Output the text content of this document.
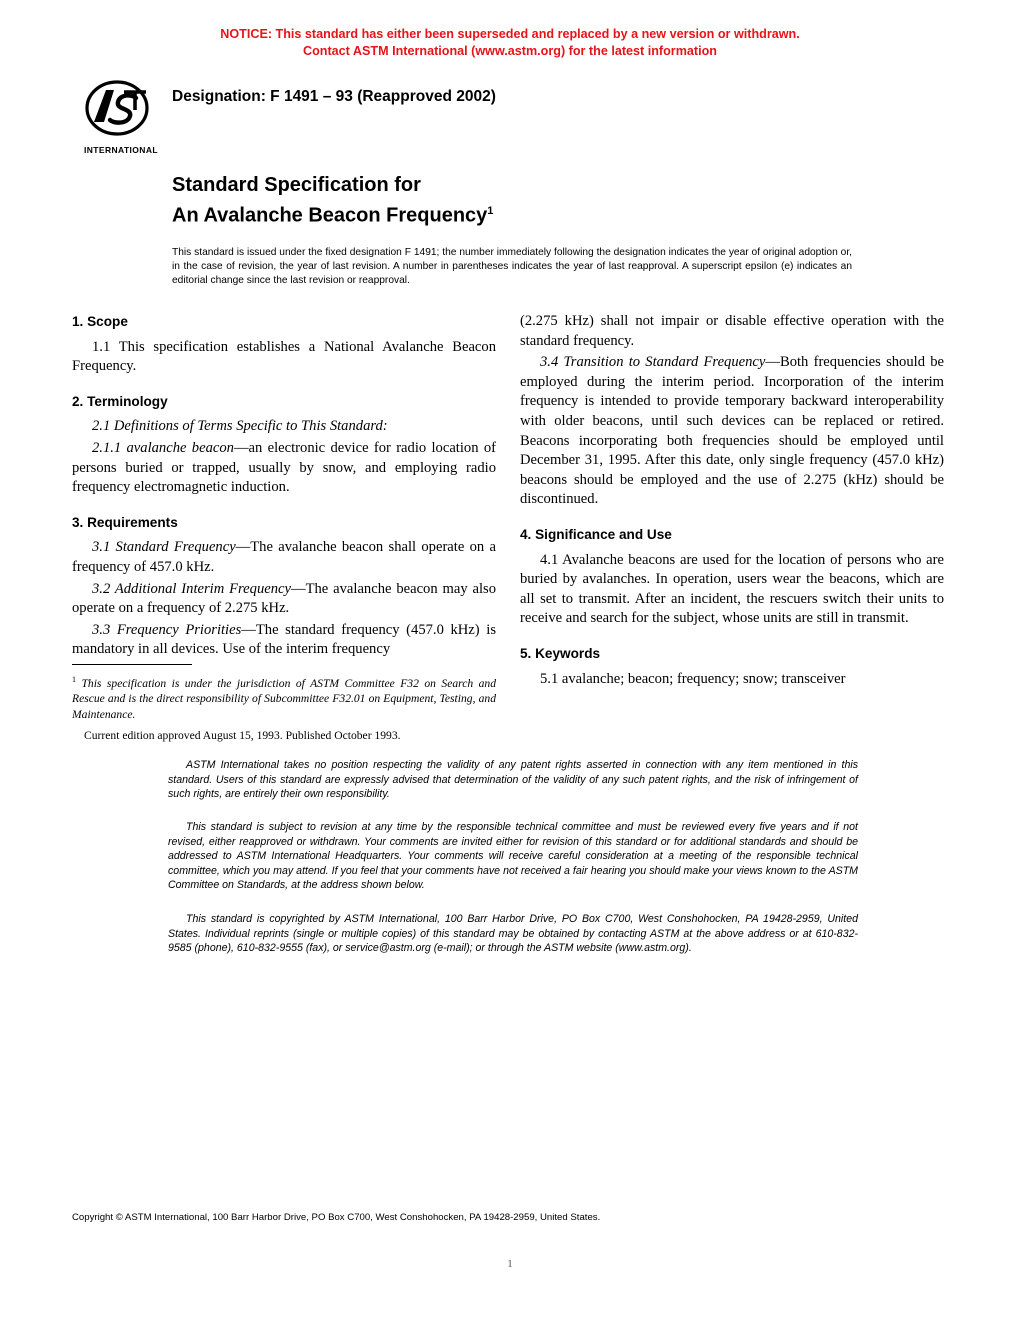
NOTICE: This standard has either been superseded and replaced by a new version or withdrawn.
Contact ASTM International (www.astm.org) for the latest information
INTERNATIONAL
Designation: F 1491 – 93 (Reapproved 2002)
Standard Specification for
An Avalanche Beacon Frequency$^1$
This standard is issued under the fixed designation F 1491; the number immediately following the designation indicates the year of original adoption or, in the case of revision, the year of last revision. A number in parentheses indicates the year of last reapproval. A superscript epsilon (e) indicates an editorial change since the last revision or reapproval.
1. Scope

1.1 This specification establishes a National Avalanche Beacon Frequency.

2. Terminology

2.1 Definitions of Terms Specific to This Standard:

2.1.1 avalanche beacon—an electronic device for radio location of persons buried or trapped, usually by snow, and employing radio frequency electromagnetic induction.

3. Requirements

3.1 Standard Frequency—The avalanche beacon shall operate on a frequency of 457.0 kHz.

3.2 Additional Interim Frequency—The avalanche beacon may also operate on a frequency of 2.275 kHz.

3.3 Frequency Priorities—The standard frequency (457.0 kHz) is mandatory in all devices. Use of the interim frequency

(2.275 kHz) shall not impair or disable effective operation with the standard frequency.

3.4 Transition to Standard Frequency—Both frequencies should be employed during the interim period. Incorporation of the interim frequency is intended to provide temporary backward interoperability with older beacons, until such devices can be replaced or retired. Beacons incorporating both frequencies should be employed until December 31, 1995. After this date, only single frequency (457.0 kHz) beacons should be employed and the use of 2.275 (kHz) should be discontinued.

4. Significance and Use

4.1 Avalanche beacons are used for the location of persons who are buried by avalanches. In operation, users wear the beacons, which are all set to transmit. After an incident, the rescuers switch their units to receive and search for the subject, whose units are still in transmit.

5. Keywords

5.1 avalanche; beacon; frequency; snow; transceiver

$^1$ This specification is under the jurisdiction of ASTM Committee F32 on Search and Rescue and is the direct responsibility of Subcommittee F32.01 on Equipment, Testing, and Maintenance.

Current edition approved August 15, 1993. Published October 1993.

ASTM International takes no position respecting the validity of any patent rights asserted in connection with any item mentioned in this standard. Users of this standard are expressly advised that determination of the validity of any such patent rights, and the risk of infringement of such rights, are entirely their own responsibility.

This standard is subject to revision at any time by the responsible technical committee and must be reviewed every five years and if not revised, either reapproved or withdrawn. Your comments are invited either for revision of this standard or for additional standards and should be addressed to ASTM International Headquarters. Your comments will receive careful consideration at a meeting of the responsible technical committee, which you may attend. If you feel that your comments have not received a fair hearing you should make your views known to the ASTM Committee on Standards, at the address shown below.

This standard is copyrighted by ASTM International, 100 Barr Harbor Drive, PO Box C700, West Conshohocken, PA 19428-2959, United States. Individual reprints (single or multiple copies) of this standard may be obtained by contacting ASTM at the above address or at 610-832-9585 (phone), 610-832-9555 (fax), or service@astm.org (e-mail); or through the ASTM website (www.astm.org).

Copyright © ASTM International, 100 Barr Harbor Drive, PO Box C700, West Conshohocken, PA 19428-2959, United States.
1
